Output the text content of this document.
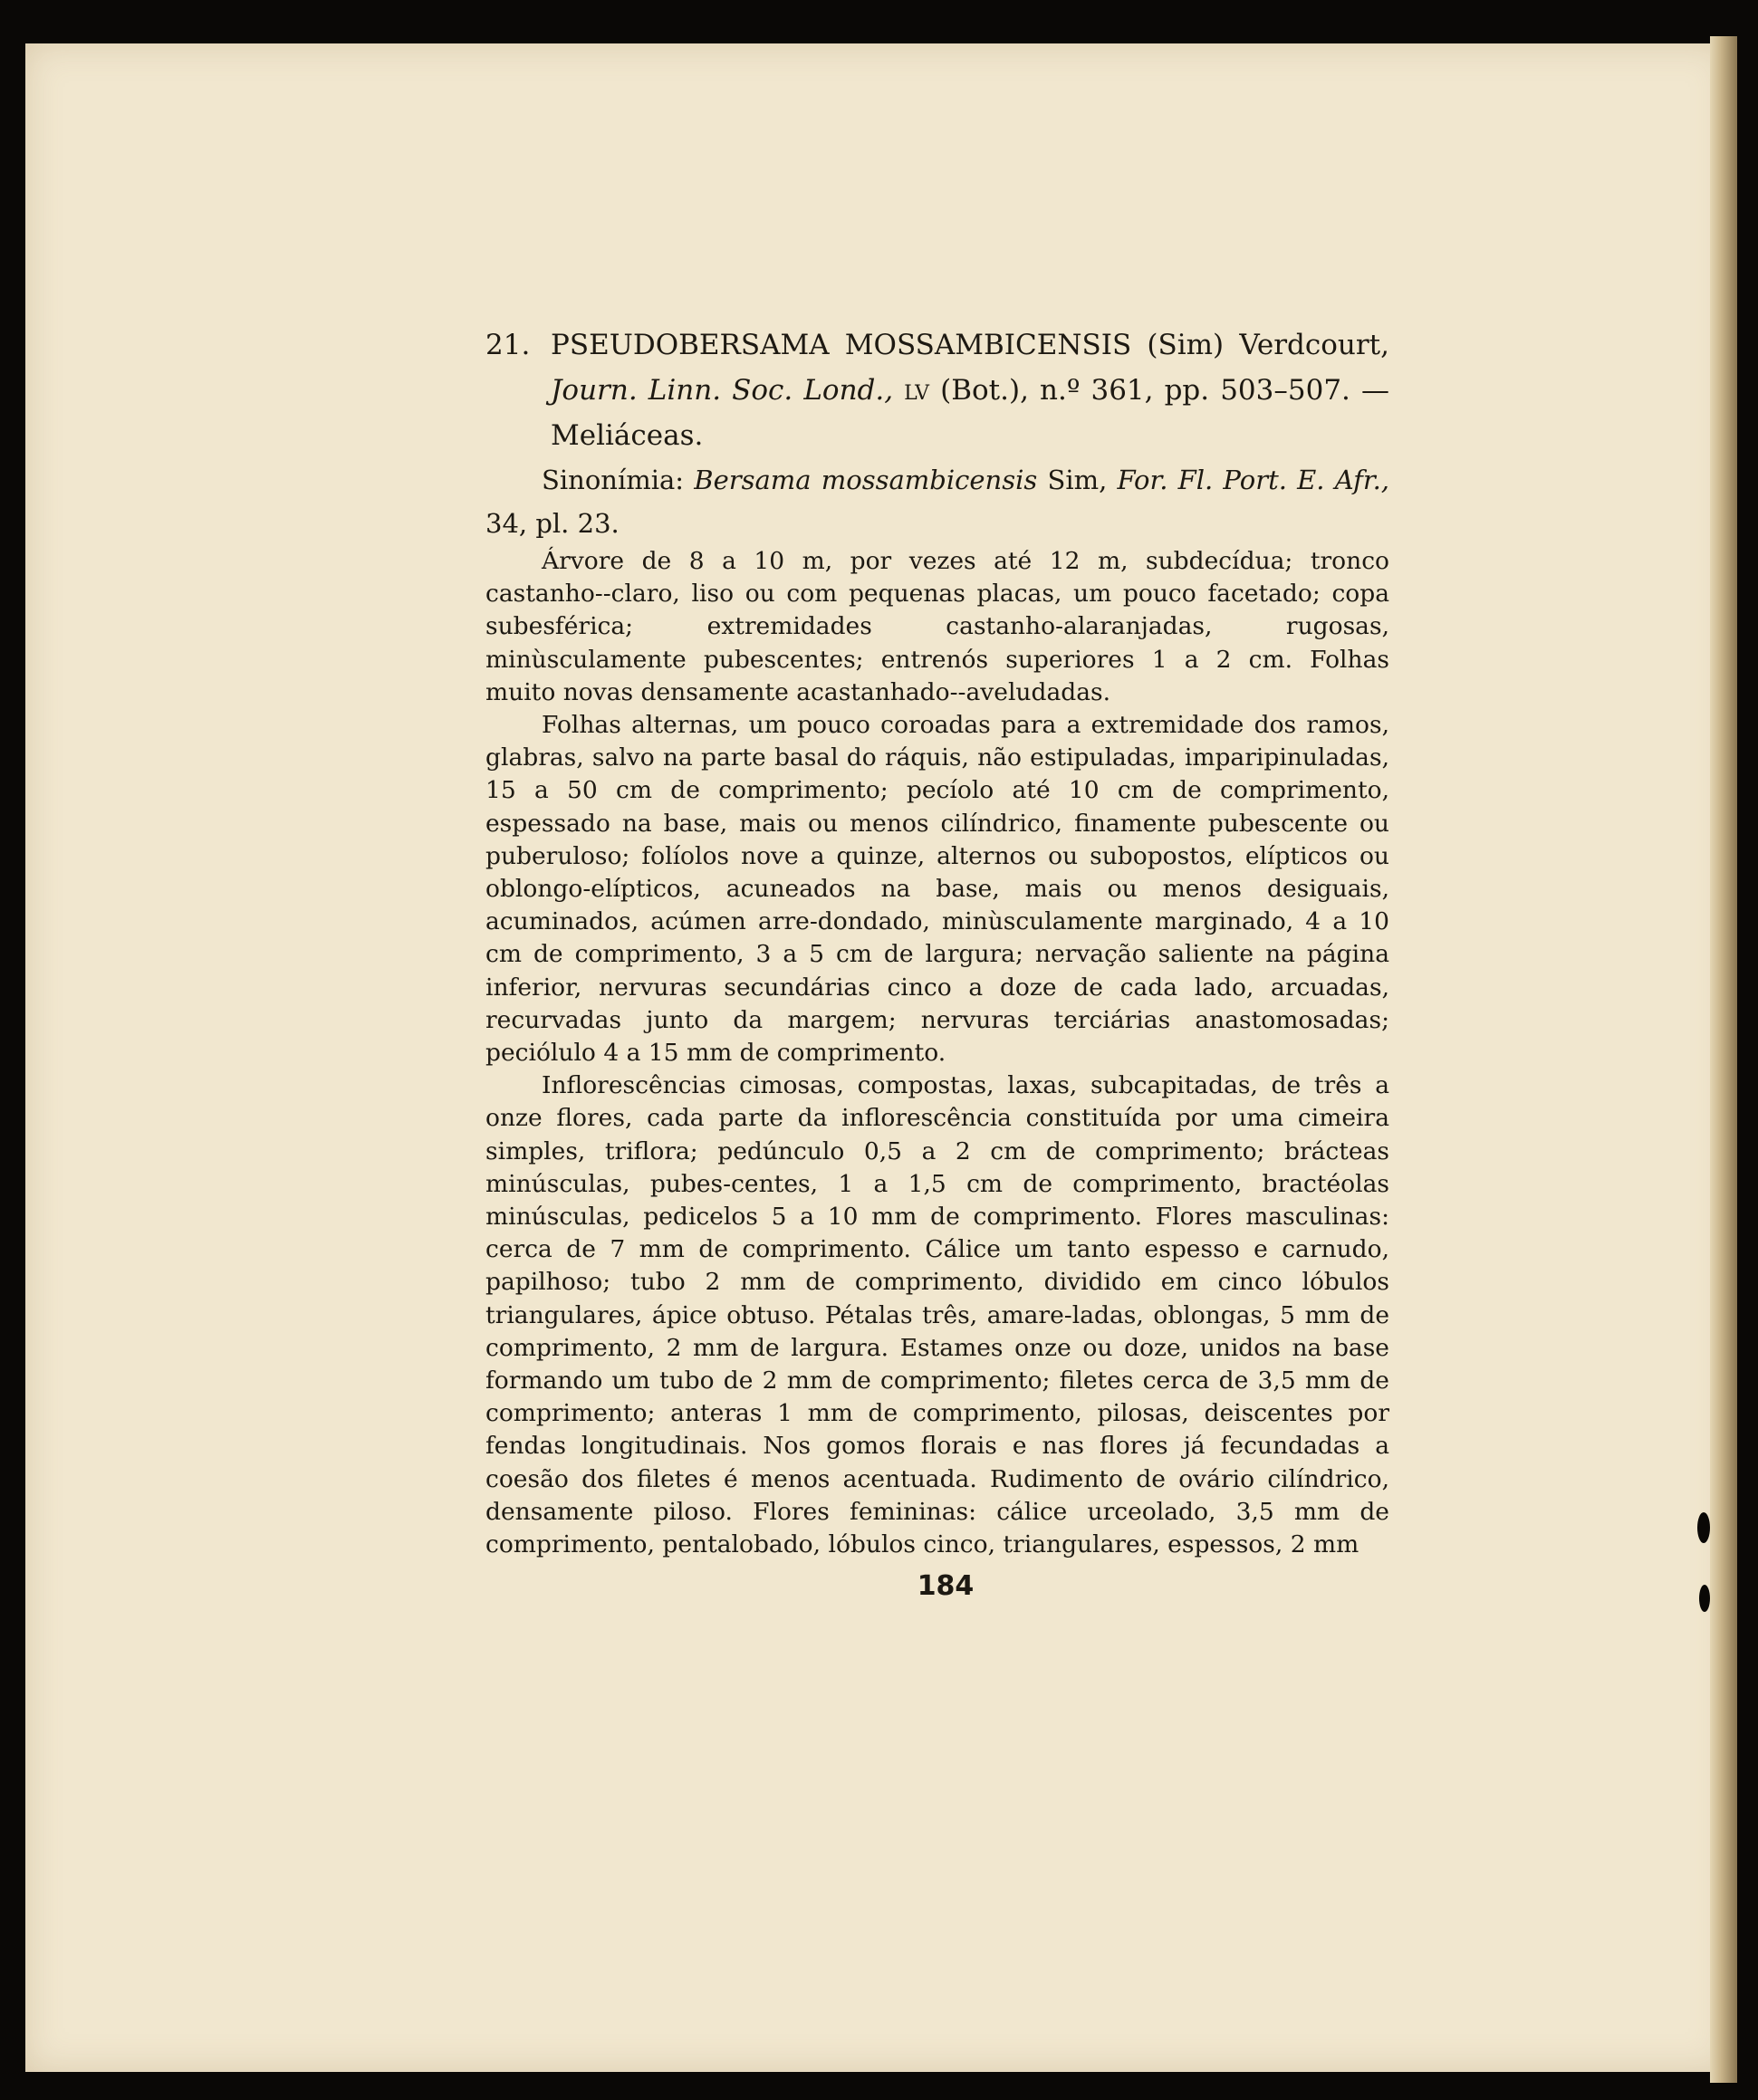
21. PSEUDOBERSAMA MOSSAMBICENSIS (Sim) Verdcourt, Journ. Linn. Soc. Lond., lv (Bot.), n.º 361, pp. 503–507. — Meliáceas.

Sinonímia: Bersama mossambicensis Sim, For. Fl. Port. E. Afr., 34, pl. 23.

Árvore de 8 a 10 m, por vezes até 12 m, subdecídua; tronco castanho--claro, liso ou com pequenas placas, um pouco facetado; copa subesférica; extremidades castanho-alaranjadas, rugosas, minùsculamente pubescentes; entrenós superiores 1 a 2 cm. Folhas muito novas densamente acastanhado--aveludadas.

Folhas alternas, um pouco coroadas para a extremidade dos ramos, glabras, salvo na parte basal do ráquis, não estipuladas, imparipinuladas, 15 a 50 cm de comprimento; pecíolo até 10 cm de comprimento, espessado na base, mais ou menos cilíndrico, finamente pubescente ou puberuloso; folíolos nove a quinze, alternos ou subopostos, elípticos ou oblongo-elípticos, acuneados na base, mais ou menos desiguais, acuminados, acúmen arre-dondado, minùsculamente marginado, 4 a 10 cm de comprimento, 3 a 5 cm de largura; nervação saliente na página inferior, nervuras secundárias cinco a doze de cada lado, arcuadas, recurvadas junto da margem; nervuras terciárias anastomosadas; peciólulo 4 a 15 mm de comprimento.

Inflorescências cimosas, compostas, laxas, subcapitadas, de três a onze flores, cada parte da inflorescência constituída por uma cimeira simples, triflora; pedúnculo 0,5 a 2 cm de comprimento; brácteas minúsculas, pubes-centes, 1 a 1,5 cm de comprimento, bractéolas minúsculas, pedicelos 5 a 10 mm de comprimento. Flores masculinas: cerca de 7 mm de comprimento. Cálice um tanto espesso e carnudo, papilhoso; tubo 2 mm de comprimento, dividido em cinco lóbulos triangulares, ápice obtuso. Pétalas três, amare-ladas, oblongas, 5 mm de comprimento, 2 mm de largura. Estames onze ou doze, unidos na base formando um tubo de 2 mm de comprimento; filetes cerca de 3,5 mm de comprimento; anteras 1 mm de comprimento, pilosas, deiscentes por fendas longitudinais. Nos gomos florais e nas flores já fecundadas a coesão dos filetes é menos acentuada. Rudimento de ovário cilíndrico, densamente piloso. Flores femininas: cálice urceolado, 3,5 mm de comprimento, pentalobado, lóbulos cinco, triangulares, espessos, 2 mm

184
